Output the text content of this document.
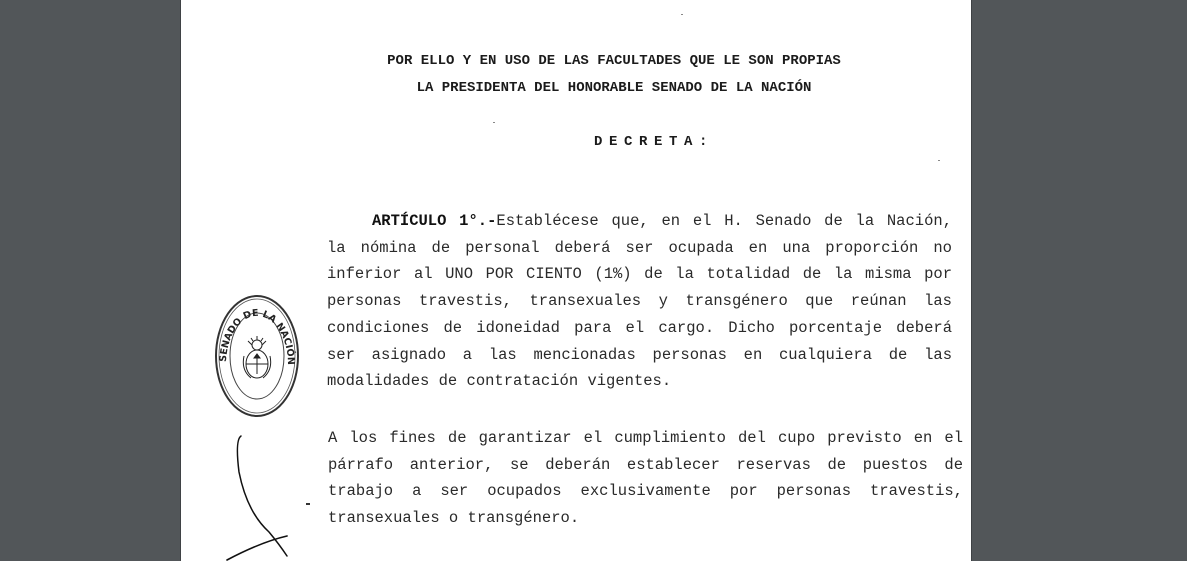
POR ELLO Y EN USO DE LAS FACULTADES QUE LE SON PROPIAS
LA PRESIDENTA DEL HONORABLE SENADO DE LA NACIÓN
DECRETA:
ARTÍCULO 1°.-Establécese que, en el H. Senado de la Nación,
la nómina de personal deberá ser ocupada en una proporción no
inferior al UNO POR CIENTO (1%) de la totalidad de la misma por
personas travestis, transexuales y transgénero que reúnan las
condiciones de idoneidad para el cargo. Dicho porcentaje deberá
ser asignado a las mencionadas personas en cualquiera de las
modalidades de contratación vigentes.
A los fines de garantizar el cumplimiento del cupo previsto en el
párrafo anterior, se deberán establecer reservas de puestos de
trabajo a ser ocupados exclusivamente por personas travestis,
transexuales o transgénero.
SENADO DE LA NACIÓN
